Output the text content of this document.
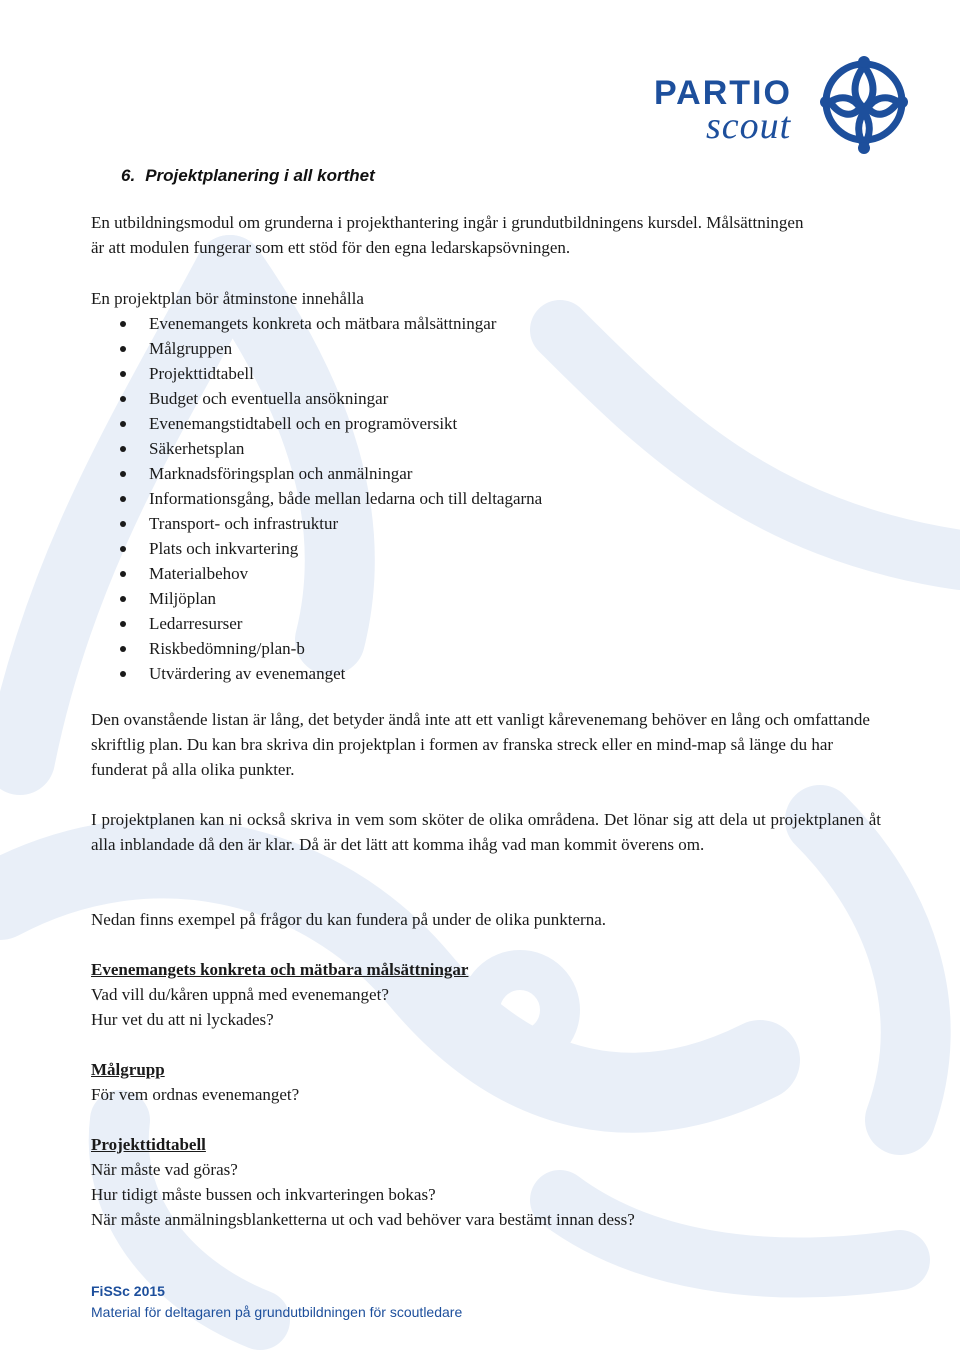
PARTIO
scout
6. Projektplanering i all korthet

En utbildningsmodul om grunderna i projekthantering ingår i grundutbildningens kursdel. Målsättningen

är att modulen fungerar som ett stöd för den egna ledarskapsövningen.

En projektplan bör åtminstone innehålla

Evenemangets konkreta och mätbara målsättningar
Målgruppen
Projekttidtabell
Budget och eventuella ansökningar
Evenemangstidtabell och en programöversikt
Säkerhetsplan
Marknadsföringsplan och anmälningar
Informationsgång, både mellan ledarna och till deltagarna
Transport- och infrastruktur
Plats och inkvartering
Materialbehov
Miljöplan
Ledarresurser
Riskbedömning/plan-b
Utvärdering av evenemanget

Den ovanstående listan är lång, det betyder ändå inte att ett vanligt kårevenemang behöver en lång och omfattande skriftlig plan. Du kan bra skriva din projektplan i formen av franska streck eller en mind-map så länge du har funderat på alla olika punkter.

I projektplanen kan ni också skriva in vem som sköter de olika områdena. Det lönar sig att dela ut projektplanen åt alla inblandade då den är klar. Då är det lätt att komma ihåg vad man kommit överens om.

Nedan finns exempel på frågor du kan fundera på under de olika punkterna.

Evenemangets konkreta och mätbara målsättningar

Vad vill du/kåren uppnå med evenemanget?

Hur vet du att ni lyckades?

Målgrupp

För vem ordnas evenemanget?

Projekttidtabell

När måste vad göras?

Hur tidigt måste bussen och inkvarteringen bokas?

När måste anmälningsblanketterna ut och vad behöver vara bestämt innan dess?

FiSSc 2015

Material för deltagaren på grundutbildningen för scoutledare
